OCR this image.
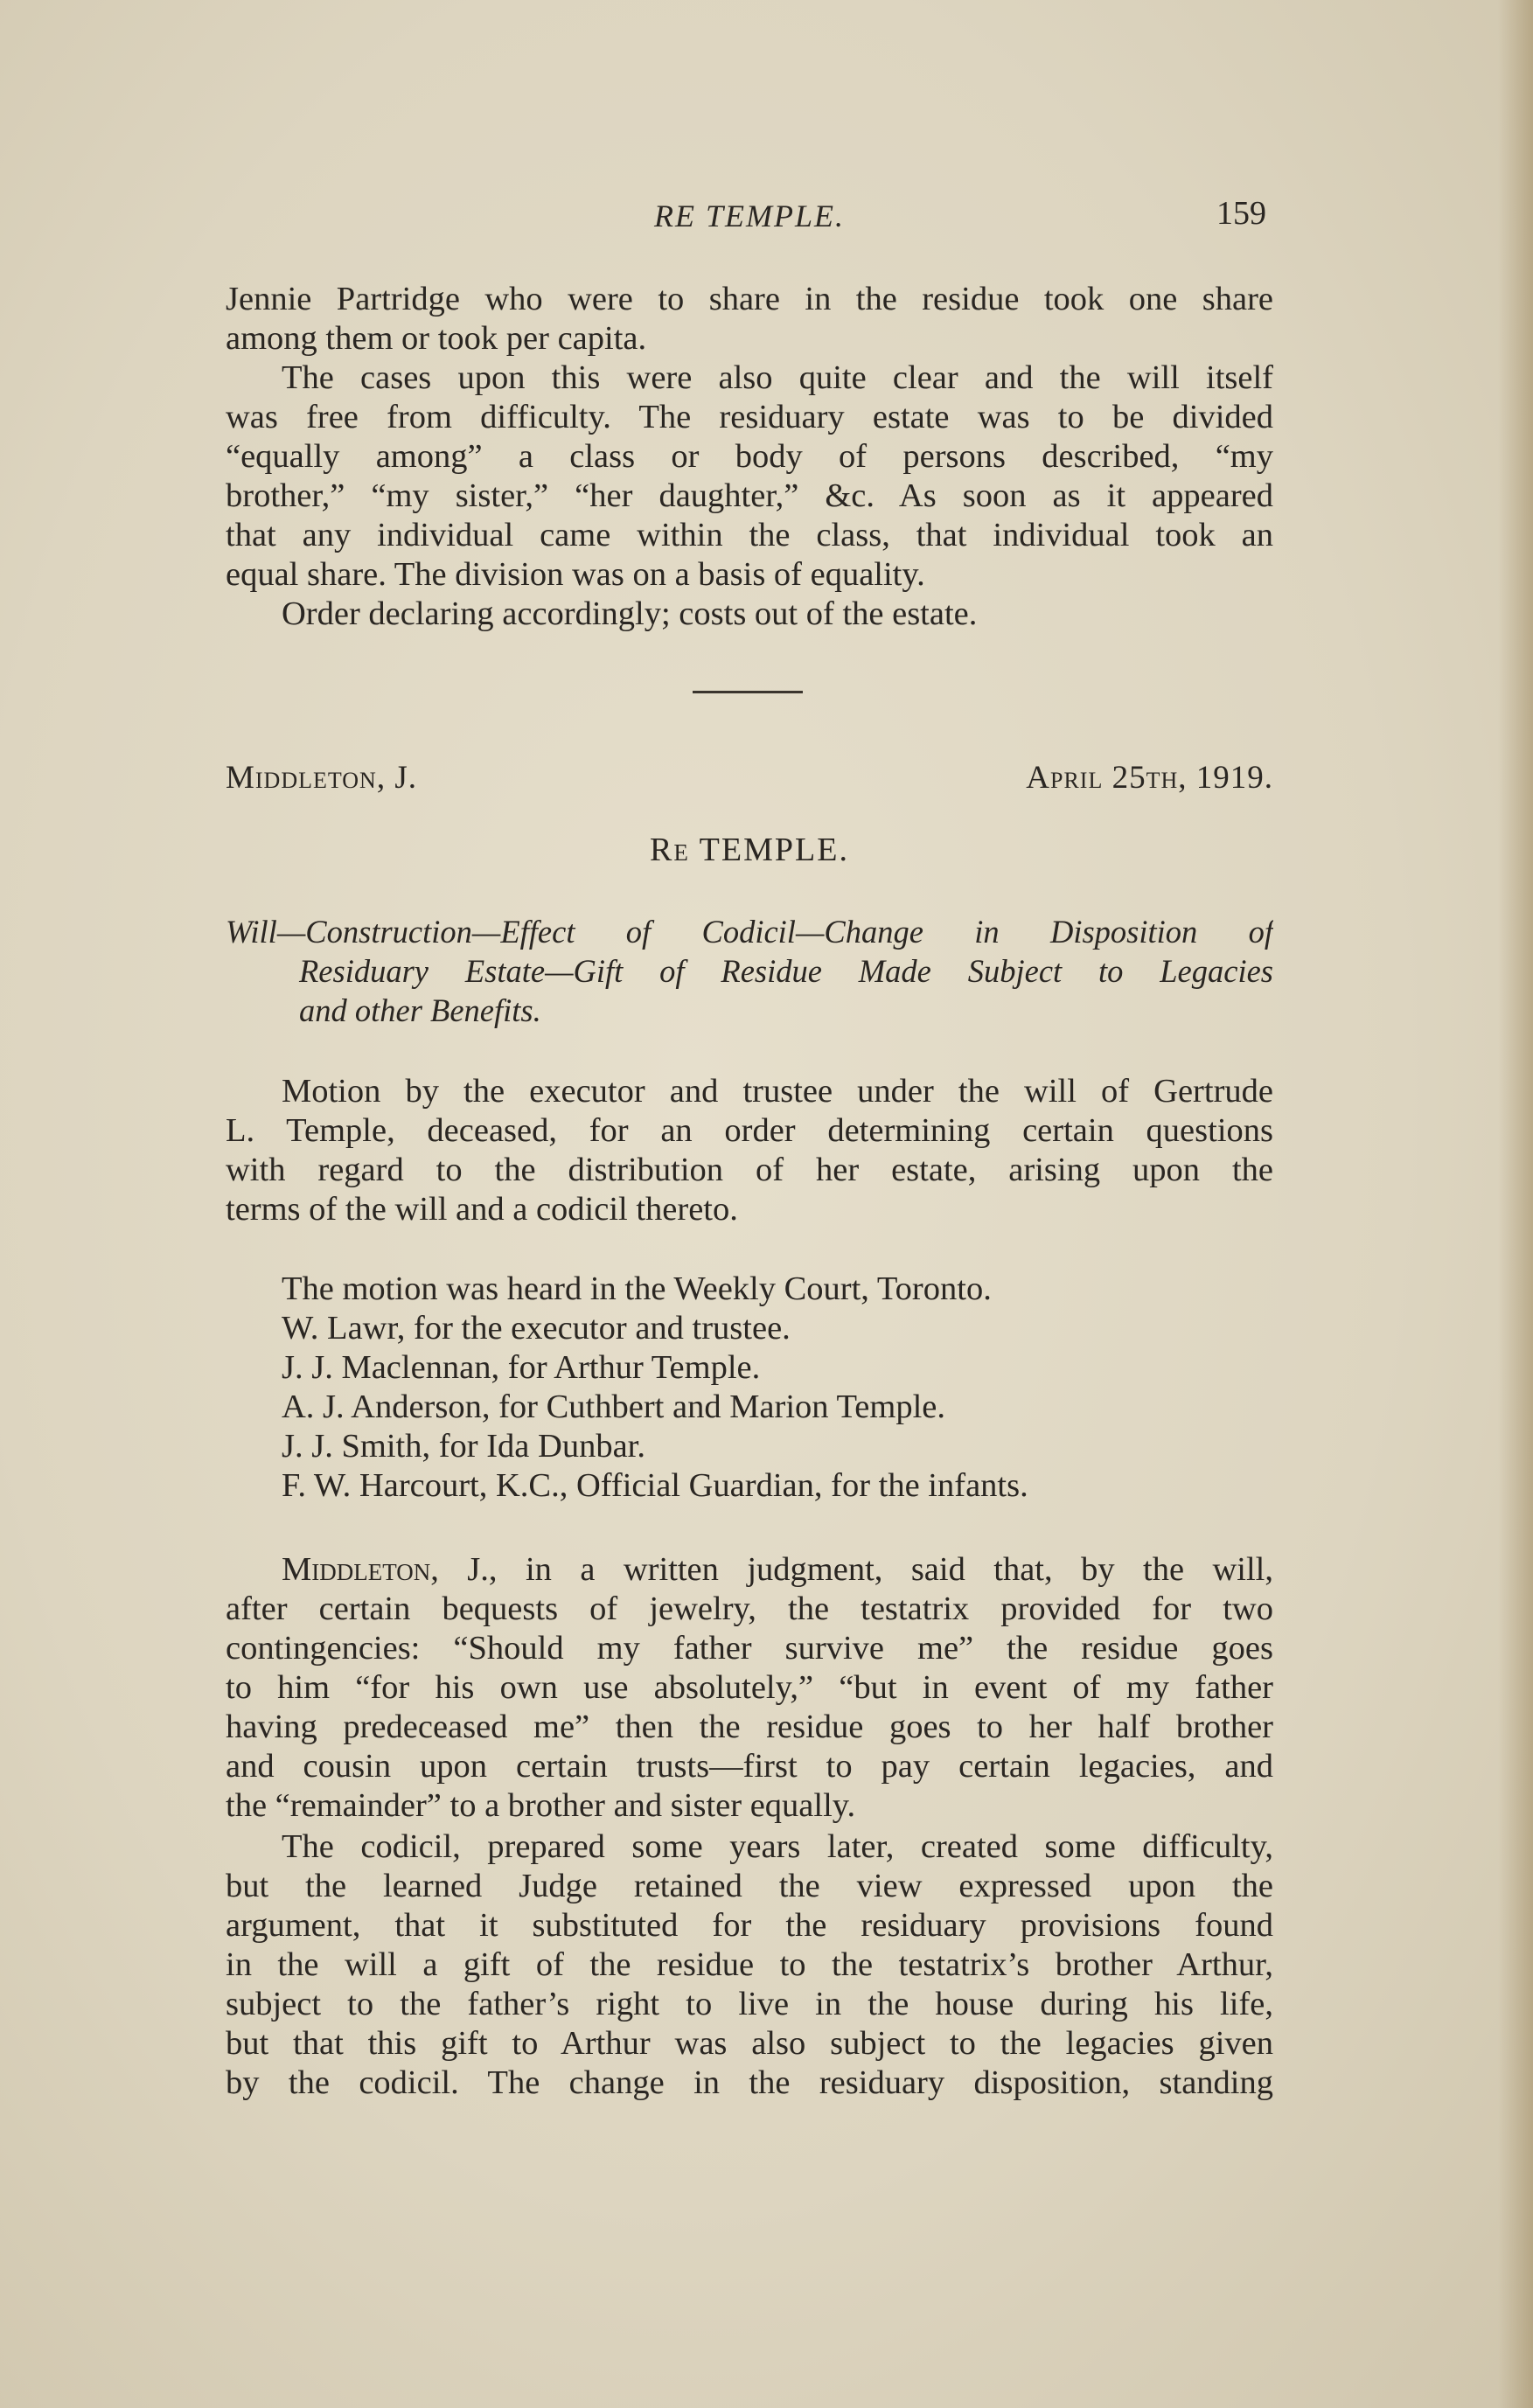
RE TEMPLE.	159
Jennie Partridge who were to share in the residue took one share
among them or took per capita.
The cases upon this were also quite clear and the will itself
was free from difficulty. The residuary estate was to be divided
“equally among” a class or body of persons described, “my
brother,” “my sister,” “her daughter,” &c. As soon as it appeared
that any individual came within the class, that individual took an
equal share. The division was on a basis of equality.
Order declaring accordingly; costs out of the estate.
Middleton, J.	April 25th, 1919.
Re TEMPLE.
Will—Construction—Effect of Codicil—Change in Disposition of
Residuary Estate—Gift of Residue Made Subject to Legacies
and other Benefits.
Motion by the executor and trustee under the will of Gertrude
L. Temple, deceased, for an order determining certain questions
with regard to the distribution of her estate, arising upon the
terms of the will and a codicil thereto.
The motion was heard in the Weekly Court, Toronto.
W. Lawr, for the executor and trustee.
J. J. Maclennan, for Arthur Temple.
A. J. Anderson, for Cuthbert and Marion Temple.
J. J. Smith, for Ida Dunbar.
F. W. Harcourt, K.C., Official Guardian, for the infants.
Middleton, J., in a written judgment, said that, by the will,
after certain bequests of jewelry, the testatrix provided for two
contingencies: “Should my father survive me” the residue goes
to him “for his own use absolutely,” “but in event of my father
having predeceased me” then the residue goes to her half brother
and cousin upon certain trusts—first to pay certain legacies, and
the “remainder” to a brother and sister equally.
The codicil, prepared some years later, created some difficulty,
but the learned Judge retained the view expressed upon the
argument, that it substituted for the residuary provisions found
in the will a gift of the residue to the testatrix’s brother Arthur,
subject to the father’s right to live in the house during his life,
but that this gift to Arthur was also subject to the legacies given
by the codicil. The change in the residuary disposition, standing
